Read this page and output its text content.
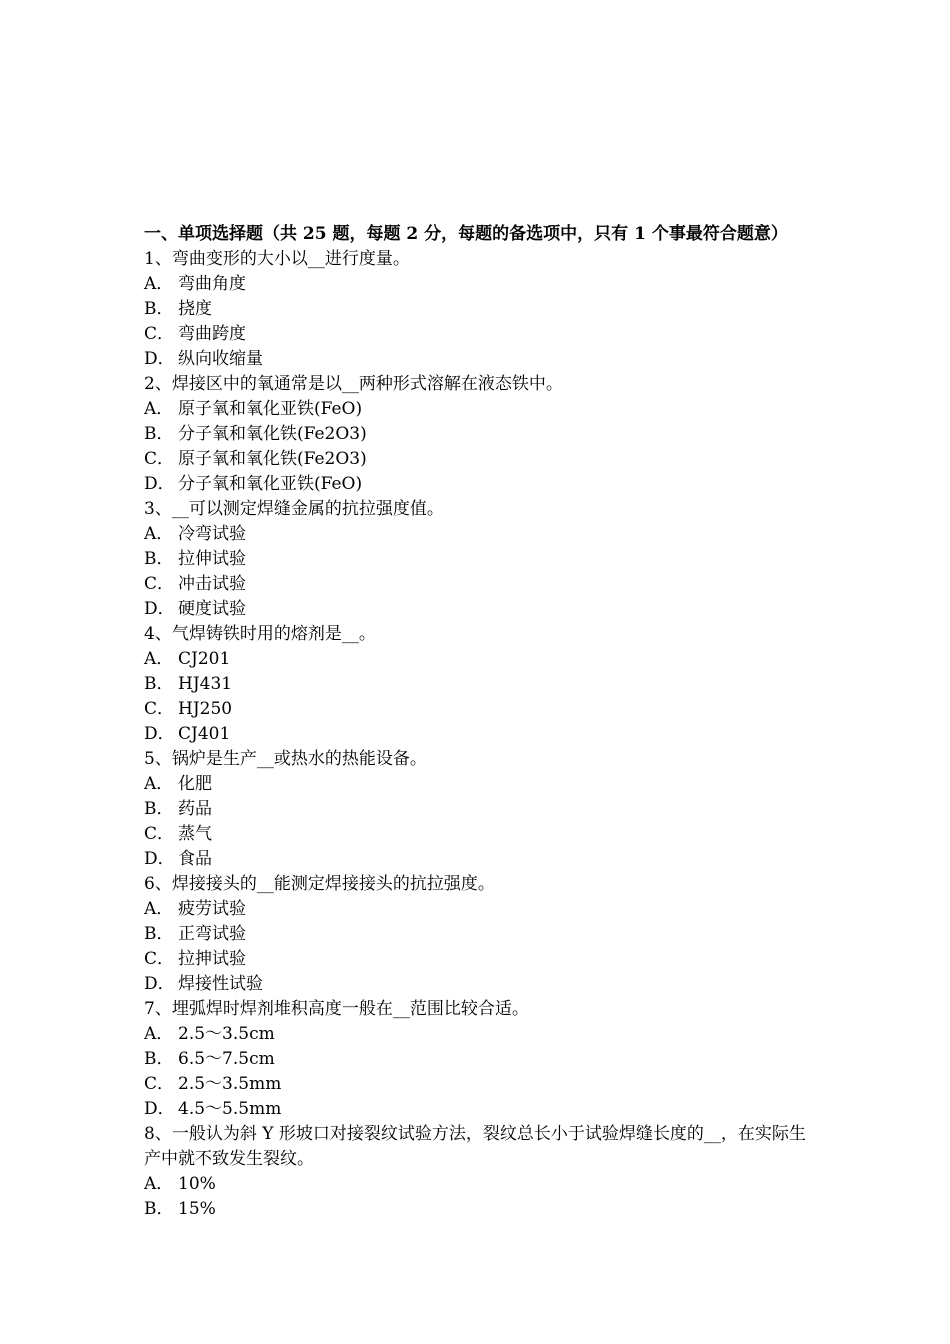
一、单项选择题（共 25 题，每题 2 分，每题的备选项中，只有 1 个事最符合题意）
1、弯曲变形的大小以__进行度量。
A． 弯曲角度
B． 挠度
C． 弯曲跨度
D． 纵向收缩量
2、焊接区中的氧通常是以__两种形式溶解在液态铁中。
A． 原子氧和氧化亚铁(FeO)
B． 分子氧和氧化铁(Fe2O3)
C． 原子氧和氧化铁(Fe2O3)
D． 分子氧和氧化亚铁(FeO)
3、__可以测定焊缝金属的抗拉强度值。
A． 冷弯试验
B． 拉伸试验
C． 冲击试验
D． 硬度试验
4、气焊铸铁时用的熔剂是__。
A． CJ201
B． HJ431
C． HJ250
D． CJ401
5、锅炉是生产__或热水的热能设备。
A． 化肥
B． 药品
C． 蒸气
D． 食品
6、焊接接头的__能测定焊接接头的抗拉强度。
A． 疲劳试验
B． 正弯试验
C． 拉抻试验
D． 焊接性试验
7、埋弧焊时焊剂堆积高度一般在__范围比较合适。
A． 2.5～3.5cm
B． 6.5～7.5cm
C． 2.5～3.5mm
D． 4.5～5.5mm
8、一般认为斜 Y 形坡口对接裂纹试验方法，裂纹总长小于试验焊缝长度的__，在实际生产中就不致发生裂纹。
A． 10%
B． 15%
